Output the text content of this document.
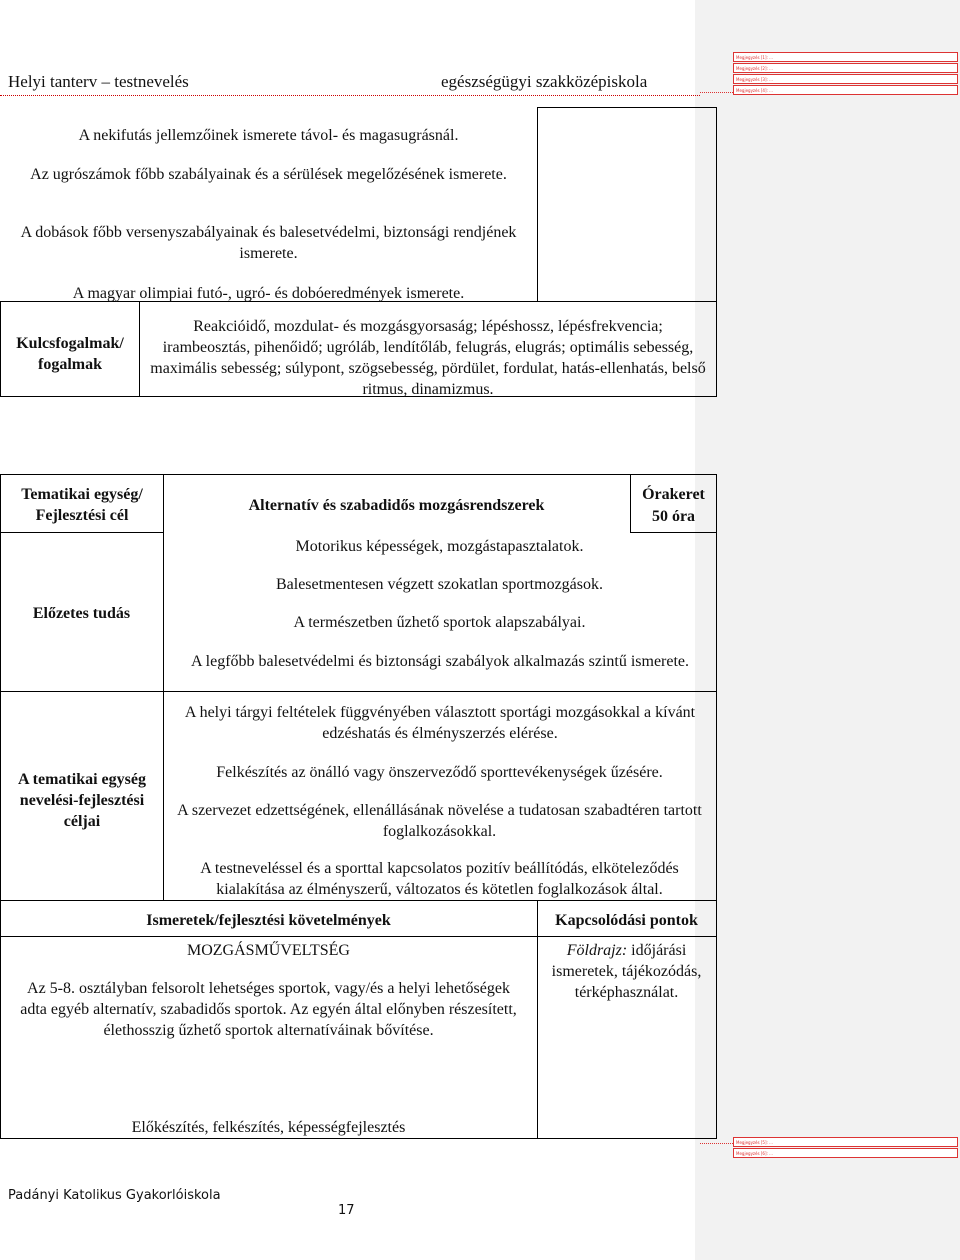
Megjegyzés [1]: ...
Megjegyzés [2]: ...
Megjegyzés [3]: ...
Megjegyzés [4]: ...
Megjegyzés [5]: ...
Megjegyzés [6]: ...
Helyi tanterv – testnevelés	egészségügyi szakközépiskola
A nekifutás jellemzőinek ismerete távol- és magasugrásnál.
Az ugrószámok főbb szabályainak és a sérülések megelőzésének ismerete.
A dobások főbb versenyszabályainak és balesetvédelmi, biztonsági rendjének ismerete.
A magyar olimpiai futó-, ugró- és dobóeredmények ismerete.
Kulcsfogalmak/ fogalmak
Reakcióidő, mozdulat- és mozgásgyorsaság; lépéshossz, lépésfrekvencia; irambeosztás, pihenőidő; ugróláb, lendítőláb, felugrás, elugrás; optimális sebesség, maximális sebesség; súlypont, szögsebesség, pördület, fordulat, hatás-ellenhatás, belső ritmus, dinamizmus.
Tematikai egység/ Fejlesztési cél
Alternatív és szabadidős mozgásrendszerek
Órakeret
50 óra
Előzetes tudás
Motorikus képességek, mozgástapasztalatok.
Balesetmentesen végzett szokatlan sportmozgások.
A természetben űzhető sportok alapszabályai.
A legfőbb balesetvédelmi és biztonsági szabályok alkalmazás szintű ismerete.
A tematikai egység nevelési-fejlesztési céljai
A helyi tárgyi feltételek függvényében választott sportági mozgásokkal a kívánt edzéshatás és élményszerzés elérése.
Felkészítés az önálló vagy önszerveződő sporttevékenységek űzésére.
A szervezet edzettségének, ellenállásának növelése a tudatosan szabadtéren tartott foglalkozásokkal.
A testneveléssel és a sporttal kapcsolatos pozitív beállítódás, elköteleződés kialakítása az élményszerű, változatos és kötetlen foglalkozások által.
Ismeretek/fejlesztési követelmények	Kapcsolódási pontok
MOZGÁSMŰVELTSÉG
Az 5-8. osztályban felsorolt lehetséges sportok, vagy/és a helyi lehetőségek adta egyéb alternatív, szabadidős sportok. Az egyén által előnyben részesített, élethosszig űzhető sportok alternatíváinak bővítése.
Előkészítés, felkészítés, képességfejlesztés
Földrajz: időjárási ismeretek, tájékozódás, térképhasználat.
Padányi Katolikus Gyakorlóiskola
17
